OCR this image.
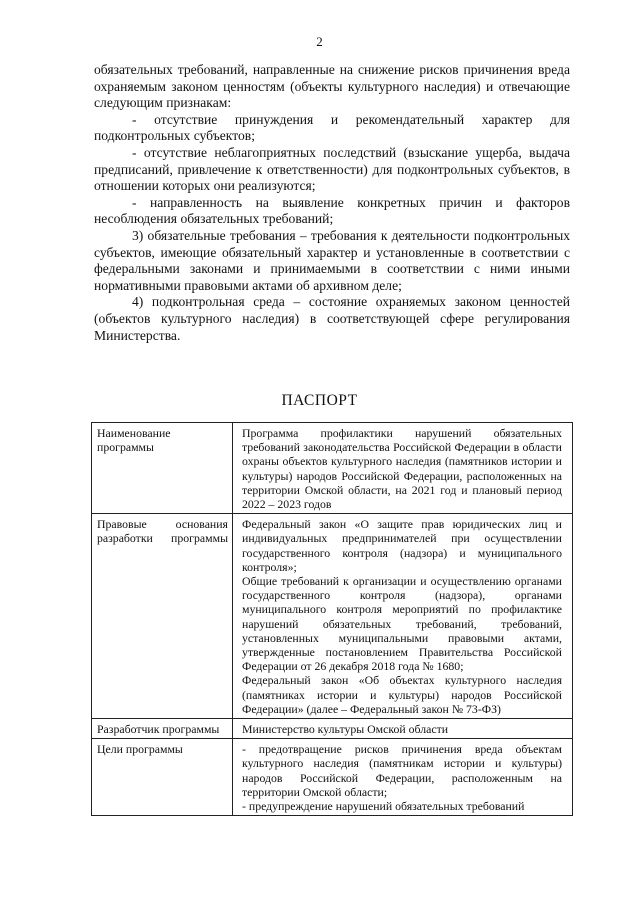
2

обязательных требований, направленные на снижение рисков причинения вреда охраняемым законом ценностям (объекты культурного наследия) и отвечающие следующим признакам:

- отсутствие принуждения и рекомендательный характер для подконтрольных субъектов;

- отсутствие неблагоприятных последствий (взыскание ущерба, выдача предписаний, привлечение к ответственности) для подконтрольных субъектов, в отношении которых они реализуются;

- направленность на выявление конкретных причин и факторов несоблюдения обязательных требований;

3) обязательные требования – требования к деятельности подконтрольных субъектов, имеющие обязательный характер и установленные в соответствии с федеральными законами и принимаемыми в соответствии с ними иными нормативными правовыми актами об архивном деле;

4) подконтрольная среда – состояние охраняемых законом ценностей (объектов культурного наследия) в соответствующей сфере регулирования Министерства.

ПАСПОРТ
Наименование программы	Программа профилактики нарушений обязательных требований законодательства Российской Федерации в области охраны объектов культурного наследия (памятников истории и культуры) народов Российской Федерации, расположенных на территории Омской области, на 2021 год и плановый период 2022 – 2023 годов

Правовые основания разработки программы	Федеральный закон «О защите прав юридических лиц и индивидуальных предпринимателей при осуществлении государственного контроля (надзора) и муниципального контроля»;
Общие требований к организации и осуществлению органами государственного контроля (надзора), органами муниципального контроля мероприятий по профилактике нарушений обязательных требований, требований, установленных муниципальными правовыми актами, утвержденные постановлением Правительства Российской Федерации от 26 декабря 2018 года № 1680;
Федеральный закон «Об объектах культурного наследия (памятниках истории и культуры) народов Российской Федерации» (далее – Федеральный закон № 73-ФЗ)

Разработчик программы	Министерство культуры Омской области

Цели программы	- предотвращение рисков причинения вреда объектам культурного наследия (памятникам истории и культуры) народов Российской Федерации, расположенным на территории Омской области;
- предупреждение нарушений обязательных требований
